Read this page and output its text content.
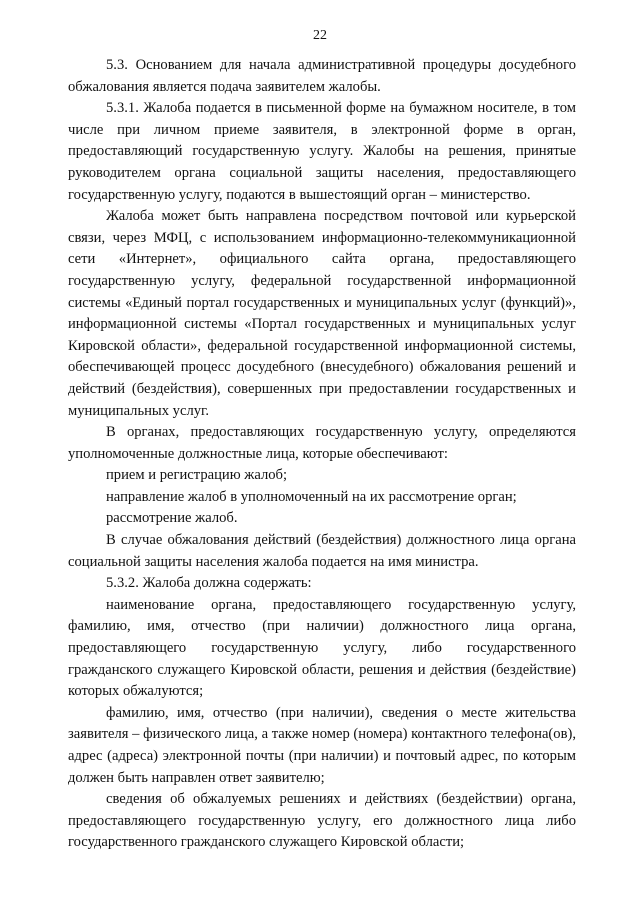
22

5.3. Основанием для начала административной процедуры досудебного обжалования является подача заявителем жалобы.

5.3.1. Жалоба подается в письменной форме на бумажном носителе, в том числе при личном приеме заявителя, в электронной форме в орган, предоставляющий государственную услугу. Жалобы на решения, принятые руководителем органа социальной защиты населения, предоставляющего государственную услугу, подаются в вышестоящий орган – министерство.

Жалоба может быть направлена посредством почтовой или курьерской связи, через МФЦ, с использованием информационно-телекоммуникационной сети «Интернет», официального сайта органа, предоставляющего государственную услугу, федеральной государственной информационной системы «Единый портал государственных и муниципальных услуг (функций)», информационной системы «Портал государственных и муниципальных услуг Кировской области», федеральной государственной информационной системы, обеспечивающей процесс досудебного (внесудебного) обжалования решений и действий (бездействия), совершенных при предоставлении государственных и муниципальных услуг.

В органах, предоставляющих государственную услугу, определяются уполномоченные должностные лица, которые обеспечивают:

прием и регистрацию жалоб;

направление жалоб в уполномоченный на их рассмотрение орган;

рассмотрение жалоб.

В случае обжалования действий (бездействия) должностного лица органа социальной защиты населения жалоба подается на имя министра.

5.3.2. Жалоба должна содержать:

наименование органа, предоставляющего государственную услугу, фамилию, имя, отчество (при наличии) должностного лица органа, предоставляющего государственную услугу, либо государственного гражданского служащего Кировской области, решения и действия (бездействие) которых обжалуются;

фамилию, имя, отчество (при наличии), сведения о месте жительства заявителя – физического лица, а также номер (номера) контактного телефона(ов), адрес (адреса) электронной почты (при наличии) и почтовый адрес, по которым должен быть направлен ответ заявителю;

сведения об обжалуемых решениях и действиях (бездействии) органа, предоставляющего государственную услугу, его должностного лица либо государственного гражданского служащего Кировской области;
